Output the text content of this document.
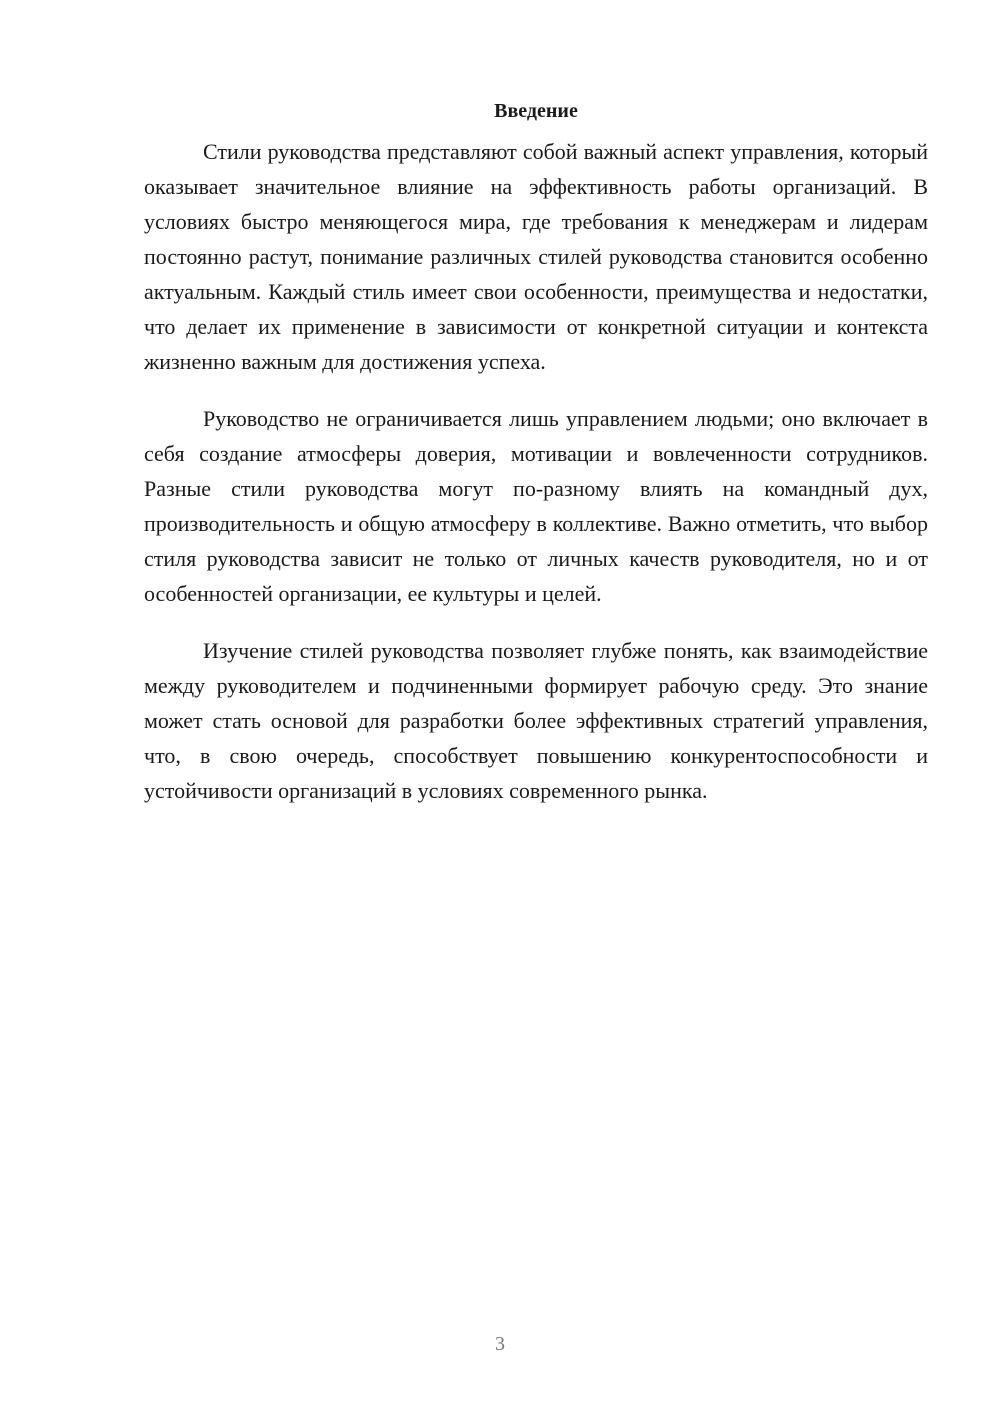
Введение

Стили руководства представляют собой важный аспект управления, который оказывает значительное влияние на эффективность работы организаций. В условиях быстро меняющегося мира, где требования к менеджерам и лидерам постоянно растут, понимание различных стилей руководства становится особенно актуальным. Каждый стиль имеет свои особенности, преимущества и недостатки, что делает их применение в зависимости от конкретной ситуации и контекста жизненно важным для достижения успеха.

Руководство не ограничивается лишь управлением людьми; оно включает в себя создание атмосферы доверия, мотивации и вовлеченности сотрудников. Разные стили руководства могут по-разному влиять на командный дух, производительность и общую атмосферу в коллективе. Важно отметить, что выбор стиля руководства зависит не только от личных качеств руководителя, но и от особенностей организации, ее культуры и целей.

Изучение стилей руководства позволяет глубже понять, как взаимодействие между руководителем и подчиненными формирует рабочую среду. Это знание может стать основой для разработки более эффективных стратегий управления, что, в свою очередь, способствует повышению конкурентоспособности и устойчивости организаций в условиях современного рынка.

3
